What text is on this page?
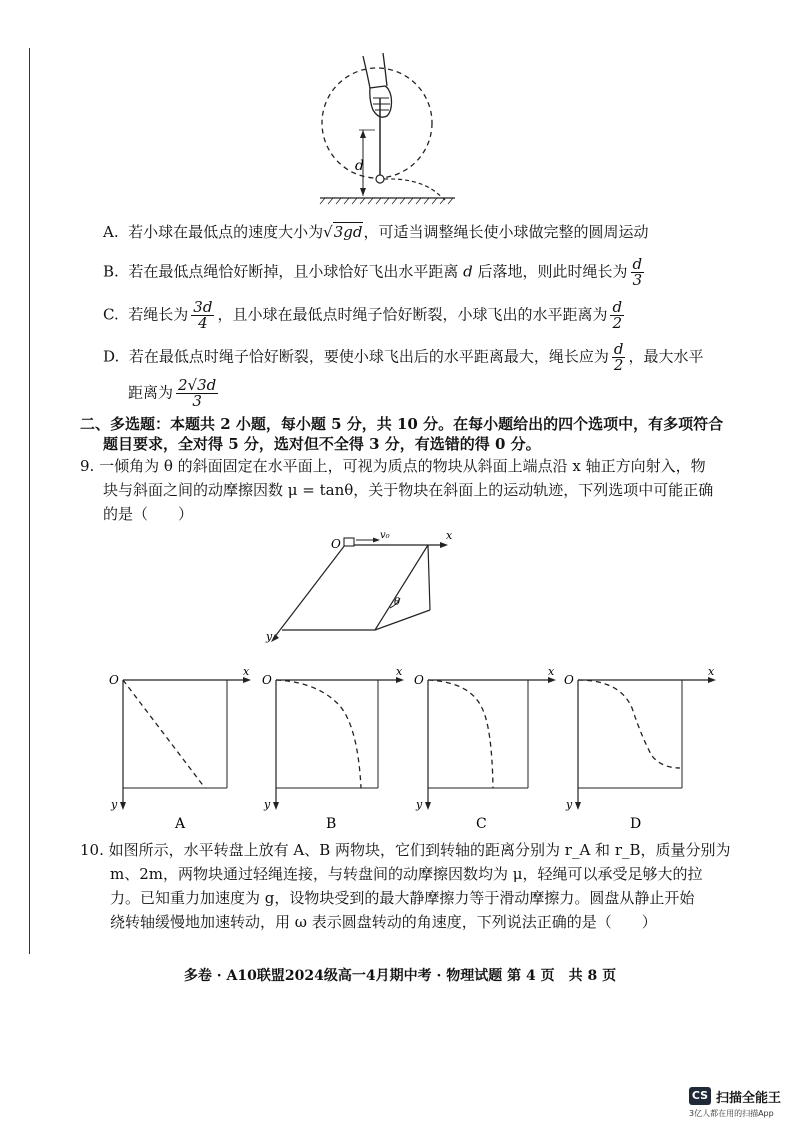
d
A. 若小球在最低点的速度大小为√3gd，可适当调整绳长使小球做完整的圆周运动
B. 若在最低点绳恰好断掉，且小球恰好飞出水平距离 d 后落地，则此时绳长为 $\frac{d}{3}$
C. 若绳长为 $\frac{3d}{4}$ ，且小球在最低点时绳子恰好断裂，小球飞出的水平距离为 $\frac{d}{2}$
D. 若在最低点时绳子恰好断裂，要使小球飞出后的水平距离最大，绳长应为 $\frac{d}{2}$ ，最大水平
距离为 $\frac{2√3d}{3}$
二、多选题：本题共 2 小题，每小题 5 分，共 10 分。在每小题给出的四个选项中，有多项符合
题目要求，全对得 5 分，选对但不全得 3 分，有选错的得 0 分。
9. 一倾角为 θ 的斜面固定在水平面上，可视为质点的物块从斜面上端点沿 x 轴正方向射入，物
块与斜面之间的动摩擦因数 μ = tanθ，关于物块在斜面上的运动轨迹，下列选项中可能正确
的是（　　）
O
v₀	x
y
θ
O
x
y
A
O
x
y
B
O
x
y
C
O
x
y
D
10. 如图所示，水平转盘上放有 A、B 两物块，它们到转轴的距离分别为 r_A 和 r_B，质量分别为
m、2m，两物块通过轻绳连接，与转盘间的动摩擦因数均为 μ，轻绳可以承受足够大的拉
力。已知重力加速度为 g，设物块受到的最大静摩擦力等于滑动摩擦力。圆盘从静止开始
绕转轴缓慢地加速转动，用 ω 表示圆盘转动的角速度，下列说法正确的是（　　）
多卷 · A10联盟2024级高一4月期中考 · 物理试题 第 4 页　共 8 页
CS 扫描全能王
3亿人都在用的扫描App
